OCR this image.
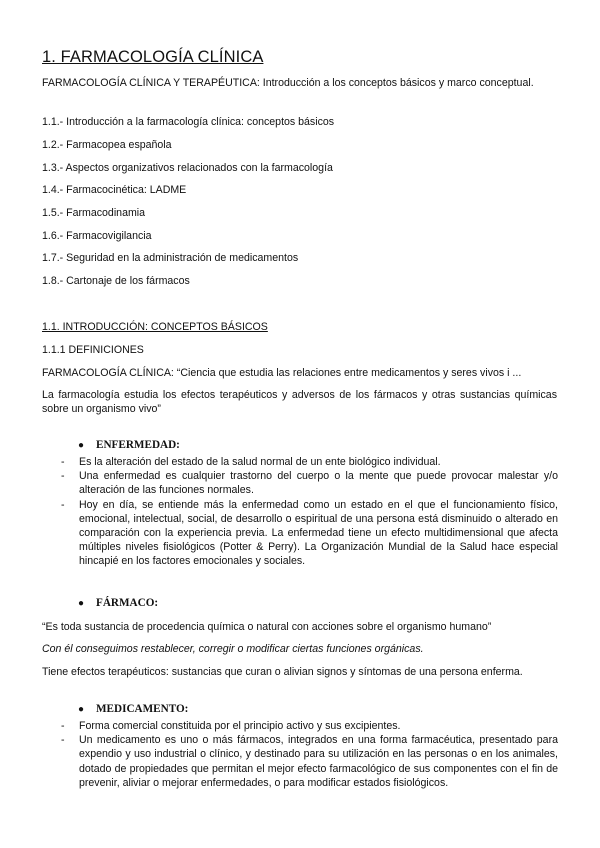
1. FARMACOLOGÍA CLÍNICA
FARMACOLOGÍA CLÍNICA Y TERAPÉUTICA: Introducción a los conceptos básicos y marco conceptual.
1.1.- Introducción a la farmacología clínica: conceptos básicos
1.2.- Farmacopea española
1.3.- Aspectos organizativos relacionados con la farmacología
1.4.- Farmacocinética: LADME
1.5.- Farmacodinamia
1.6.- Farmacovigilancia
1.7.- Seguridad en la administración de medicamentos
1.8.- Cartonaje de los fármacos
1.1. INTRODUCCIÓN: CONCEPTOS BÁSICOS
1.1.1 DEFINICIONES
FARMACOLOGÍA CLÍNICA: “Ciencia que estudia las relaciones entre medicamentos y seres vivos i ...
La farmacología estudia los efectos terapéuticos y adversos de los fármacos y otras sustancias químicas sobre un organismo vivo”
● ENFERMEDAD:
- Es la alteración del estado de la salud normal de un ente biológico individual.
- Una enfermedad es cualquier trastorno del cuerpo o la mente que puede provocar malestar y/o alteración de las funciones normales.
- Hoy en día, se entiende más la enfermedad como un estado en el que el funcionamiento físico, emocional, intelectual, social, de desarrollo o espiritual de una persona está disminuido o alterado en comparación con la experiencia previa. La enfermedad tiene un efecto multidimensional que afecta múltiples niveles fisiológicos (Potter & Perry). La Organización Mundial de la Salud hace especial hincapié en los factores emocionales y sociales.
● FÁRMACO:
“Es toda sustancia de procedencia química o natural con acciones sobre el organismo humano”
Con él conseguimos restablecer, corregir o modificar ciertas funciones orgánicas.
Tiene efectos terapéuticos: sustancias que curan o alivian signos y síntomas de una persona enferma.
● MEDICAMENTO:
- Forma comercial constituida por el principio activo y sus excipientes.
- Un medicamento es uno o más fármacos, integrados en una forma farmacéutica, presentado para expendio y uso industrial o clínico, y destinado para su utilización en las personas o en los animales, dotado de propiedades que permitan el mejor efecto farmacológico de sus componentes con el fin de prevenir, aliviar o mejorar enfermedades, o para modificar estados fisiológicos.
